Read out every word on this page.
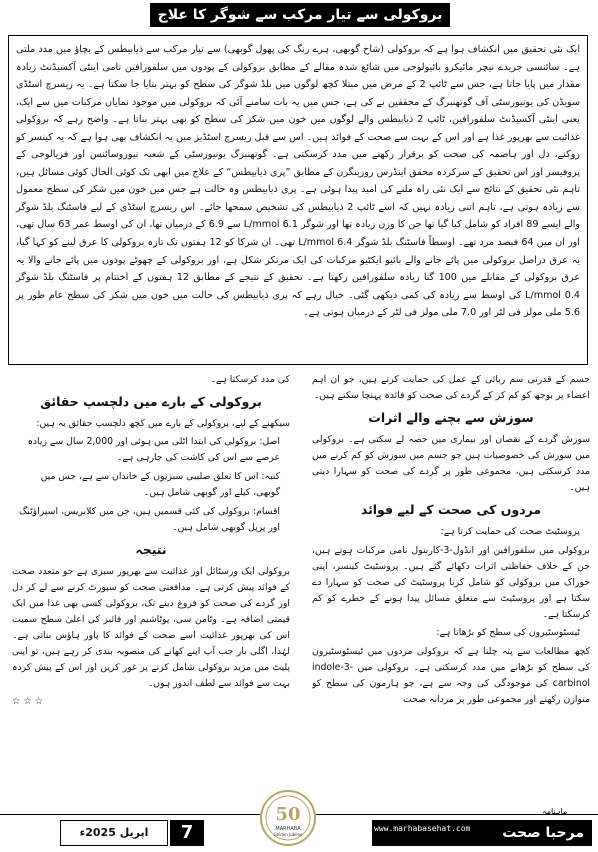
بروکولی سے تیار مرکب سے شوگر کا علاج دریافت

ایک نئی تحقیق میں انکشاف ہوا ہے کہ بروکولی (شاخ گوبھی، ہرے رنگ کی پھول گوبھی) سے تیار مرکب سے ذیابیطس کے بچاؤ میں مدد ملتی ہے۔ سائنسی جریدے نیچر مائیکرو بائیولوجی میں شائع شدہ مقالے کے مطابق بروکولی کے پودوں میں سلفورافین نامی اینٹی آکسیڈنٹ زیادہ مقدار میں پایا جاتا ہے، جس سے ٹائپ 2 کے مرض میں مبتلا کچھ لوگوں میں بلڈ شوگر کی سطح کو بہتر بنایا جا سکتا ہے۔ یہ ریسرچ اسٹڈی سویڈن کی یونیورسٹی آف گوتھنبرگ کے محققین نے کی ہے، جس میں یہ بات سامنے آئی کہ بروکولی میں موجود نمایاں مرکبات میں سے ایک، یعنی اینٹی آکسیڈنٹ سلفورافین، ٹائپ 2 ذیابیطس والے لوگوں میں خون میں شکر کی سطح کو بھی بہتر بناتا ہے۔ واضح رہے کہ بروکولی غذائیت سے بھرپور غذا ہے اور اس کے بہت سے صحت کے فوائد ہیں۔ اس سے قبل ریسرچ اسٹڈیز میں یہ انکشاف بھی ہوا ہے کہ یہ کینسر کو روکنے، دل اور ہاضمہ کی صحت کو برقرار رکھنے میں مدد کرسکتی ہے۔ گوتھنبرگ یونیورسٹی کے شعبہ نیوروسائنس اور فزیالوجی کے پروفیسر اور اس تحقیق کے سرکردہ محقق اینڈرس روزینگرن کے مطابق ”پری ذیابیطس“ کے علاج میں ابھی تک کوئی الحال کوئی مسائل ہیں، تاہم نئی تحقیق کے نتائج سے ایک نئی راہ ملنے کی امید پیدا ہوئی ہے۔ پری ذیابیطس وہ حالت ہے جس میں خون میں شکر کی سطح معمول سے زیادہ ہوتی ہے، تاہم اتنی زیادہ نہیں کہ اسے ٹائپ 2 ذیابیطس کی تشخیص سمجھا جائے۔ اس ریسرچ اسٹڈی کے لیے فاسٹنگ بلڈ شوگر والے ایسے 89 افراد کو شامل کیا گیا تھا جن کا وزن زیادہ تھا اور شوگر L/mmol 6.1 سے 6.9 کے درمیان تھا، ان کی اوسط عمر 63 سال تھی، اور ان میں 64 فیصد مرد تھے۔ اوسطاً فاسٹنگ بلڈ شوگر L/mmol 6.4 تھی۔ ان شرکا کو 12 ہفتوں تک تازہ بروکولی کا عرق لینے کو کہا گیا، یہ عرق دراصل بروکولی میں پائے جانے والے بائیو ایکٹیو مرکبات کی ایک مرتکز شکل ہے، اور بروکولی کے چھوٹے پودوں میں پائے جانے والا یہ عرق بروکولی کے مقابلے میں 100 گنا زیادہ سلفورافین رکھتا ہے۔ تحقیق کے نتیجے کے مطابق 12 ہفتوں کے اختتام پر فاسٹنگ بلڈ شوگر L/mmol 0.4 کی اوسط سے زیادہ کی کمی دیکھی گئی۔ خیال رہے کہ پری ذیابیطس کی حالت میں خون میں شکر کی سطح عام طور پر 5.6 ملی مولز فی لٹر اور 7.0 ملی مولز فی لٹر کے درمیان ہوتی ہے۔

جسم کے قدرتی سم ربائی کے عمل کی حمایت کرتے ہیں، جو ان اہم اعضاء پر بوجھ کو کم کر کے گردے کی صحت کو فائدہ پہنچا سکتے ہیں۔

سوزش سے بچنے والے اثرات

سوزش گردے کے نقصان اور بیماری میں حصہ لے سکتی ہے۔ بروکولی میں سوزش کی خصوصیات ہیں جو جسم میں سوزش کو کم کرنے میں مدد کرسکتی ہیں، مجموعی طور پر گردے کی صحت کو سہارا دیتی ہیں۔

مردوں کی صحت کے لیے فوائد
پروسٹیٹ صحت کی حمایت کرتا ہے:

بروکولی میں سلفورافین اور انڈول-3-کاربنول نامی مرکبات ہوتے ہیں، جن کے خلاف حفاظتی اثرات دکھائے گئے ہیں۔ پروسٹیٹ کینسر، اپنی خوراک میں بروکولی کو شامل کرنا پروسٹیٹ کی صحت کو سہارا دے سکتا ہے اور پروسٹیٹ سے متعلق مسائل پیدا ہونے کے خطرے کو کم کرسکتا ہے۔

ٹیسٹوسٹیرون کی سطح کو بڑھاتا ہے:

کچھ مطالعات سے پتہ چلتا ہے کہ بروکولی مردوں میں ٹیسٹوسٹیرون کی سطح کو بڑھانے میں مدد کرسکتی ہے۔ بروکولی میں indole-3-carbinol کی موجودگی کی وجہ سے ہے، جو ہارمون کی سطح کو متوازن رکھنے اور مجموعی طور پر مردانہ صحت

کی مدد کرسکتا ہے۔

بروکولی کے بارے میں دلچسپ حقائق

سیکھنے کے لیے، بروکولی کے بارے میں کچھ دلچسپ حقائق یہ ہیں:

اصل: بروکولی کی ابتدا اٹلی میں ہوئی اور 2,000 سال سے زیادہ عرصے سے اس کی کاشت کی جارہی ہے۔
کنبہ: اس کا تعلق صلیبی سبزیوں کے خاندان سے ہے، جس میں گوبھی، کیلے اور گوبھی شامل ہیں۔
اقسام: بروکولی کی کئی قسمیں ہیں، جن میں کلابریس، اسپراؤٹنگ اور پرپل گوبھی شامل ہیں۔
نتیجہ

بروکولی ایک ورسٹائل اور غذائیت سے بھرپور سبزی ہے جو متعدد صحت کے فوائد پیش کرتی ہے۔ مدافعتی صحت کو سپورٹ کرنے سے لے کر دل اور گردے کی صحت کو فروغ دینے تک، بروکولی کسی بھی غذا میں ایک قیمتی اضافہ ہے۔ وٹامن سی، پوٹاشیم اور فائبر کی اعلیٰ سطح سمیت اس کی بھرپور غذائیت اسے صحت کے فوائد کا پاور ہاؤس بناتی ہے۔ لہٰذا، اگلی بار جب آپ اپنے کھانے کی منصوبہ بندی کر رہے ہیں، تو اپنی پلیٹ میں مزید بروکولی شامل کرنے پر غور کریں اور اس کے پیش کردہ بہت سے فوائد سے لطف اندوز ہوں۔

☆☆☆

اپریل 2025ء	7
50
MARHABA
Golden Jubilee
ماہنامہ
مرحبا صحت
www.marhabasehat.com
